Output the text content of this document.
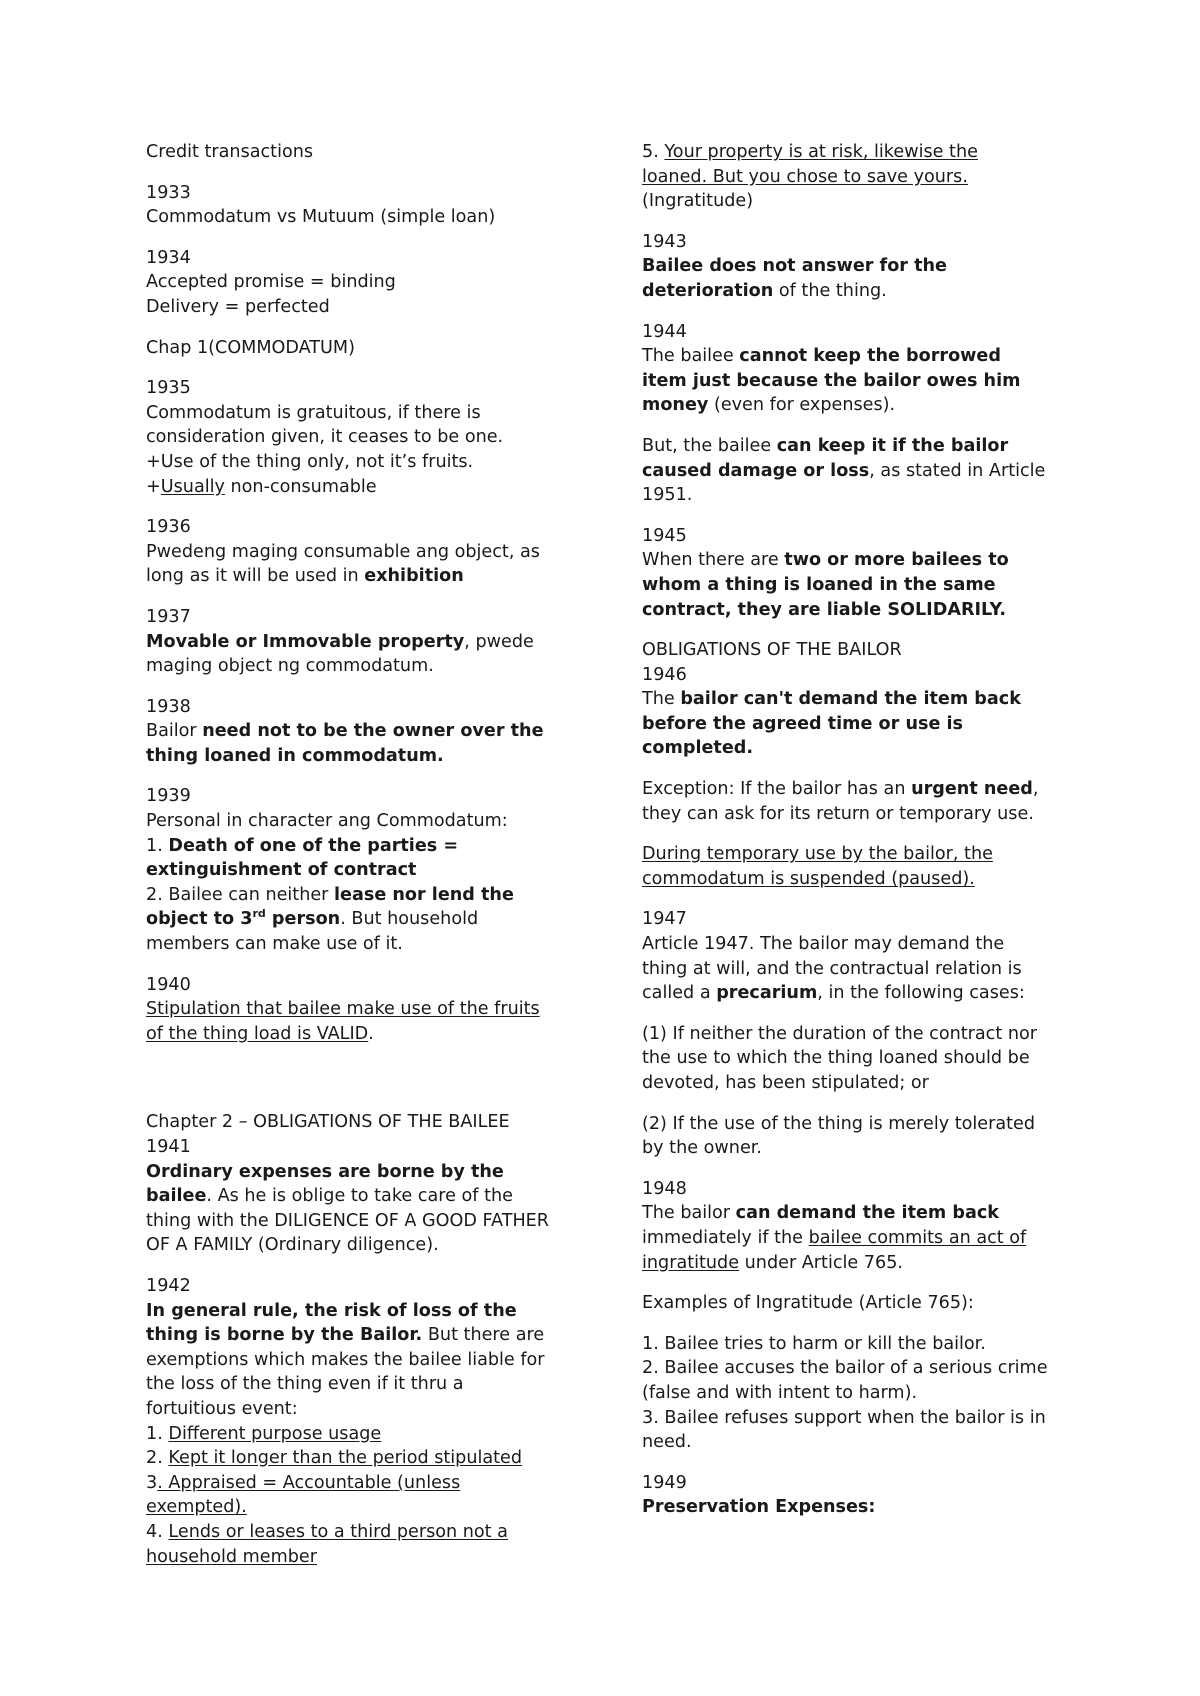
Credit transactions
1933
Commodatum vs Mutuum (simple loan)
1934
Accepted promise = binding
Delivery = perfected
Chap 1(COMMODATUM)
1935
Commodatum is gratuitous, if there is
consideration given, it ceases to be one.
+Use of the thing only, not it’s fruits.
+Usually non-consumable
1936
Pwedeng maging consumable ang object, as
long as it will be used in exhibition
1937
Movable or Immovable property, pwede
maging object ng commodatum.
1938
Bailor need not to be the owner over the
thing loaned in commodatum.
1939
Personal in character ang Commodatum:
1. Death of one of the parties =
extinguishment of contract
2. Bailee can neither lease nor lend the
object to 3rd person. But household
members can make use of it.
1940
Stipulation that bailee make use of the fruits
of the thing load is VALID.
Chapter 2 – OBLIGATIONS OF THE BAILEE
1941
Ordinary expenses are borne by the
bailee. As he is oblige to take care of the
thing with the DILIGENCE OF A GOOD FATHER
OF A FAMILY (Ordinary diligence).
1942
In general rule, the risk of loss of the
thing is borne by the Bailor. But there are
exemptions which makes the bailee liable for
the loss of the thing even if it thru a
fortuitious event:
1. Different purpose usage
2. Kept it longer than the period stipulated
3. Appraised = Accountable (unless
exempted).
4. Lends or leases to a third person not a
household member
5. Your property is at risk, likewise the
loaned. But you chose to save yours.
(Ingratitude)
1943
Bailee does not answer for the
deterioration of the thing.
1944
The bailee cannot keep the borrowed
item just because the bailor owes him
money (even for expenses).
But, the bailee can keep it if the bailor
caused damage or loss, as stated in Article
1951.
1945
When there are two or more bailees to
whom a thing is loaned in the same
contract, they are liable SOLIDARILY.
OBLIGATIONS OF THE BAILOR
1946
The bailor can't demand the item back
before the agreed time or use is
completed.
Exception: If the bailor has an urgent need,
they can ask for its return or temporary use.
During temporary use by the bailor, the
commodatum is suspended (paused).
1947
Article 1947. The bailor may demand the
thing at will, and the contractual relation is
called a precarium, in the following cases:
(1) If neither the duration of the contract nor
the use to which the thing loaned should be
devoted, has been stipulated; or
(2) If the use of the thing is merely tolerated
by the owner.
1948
The bailor can demand the item back
immediately if the bailee commits an act of
ingratitude under Article 765.
Examples of Ingratitude (Article 765):
1. Bailee tries to harm or kill the bailor.
2. Bailee accuses the bailor of a serious crime
(false and with intent to harm).
3. Bailee refuses support when the bailor is in
need.
1949
Preservation Expenses:
